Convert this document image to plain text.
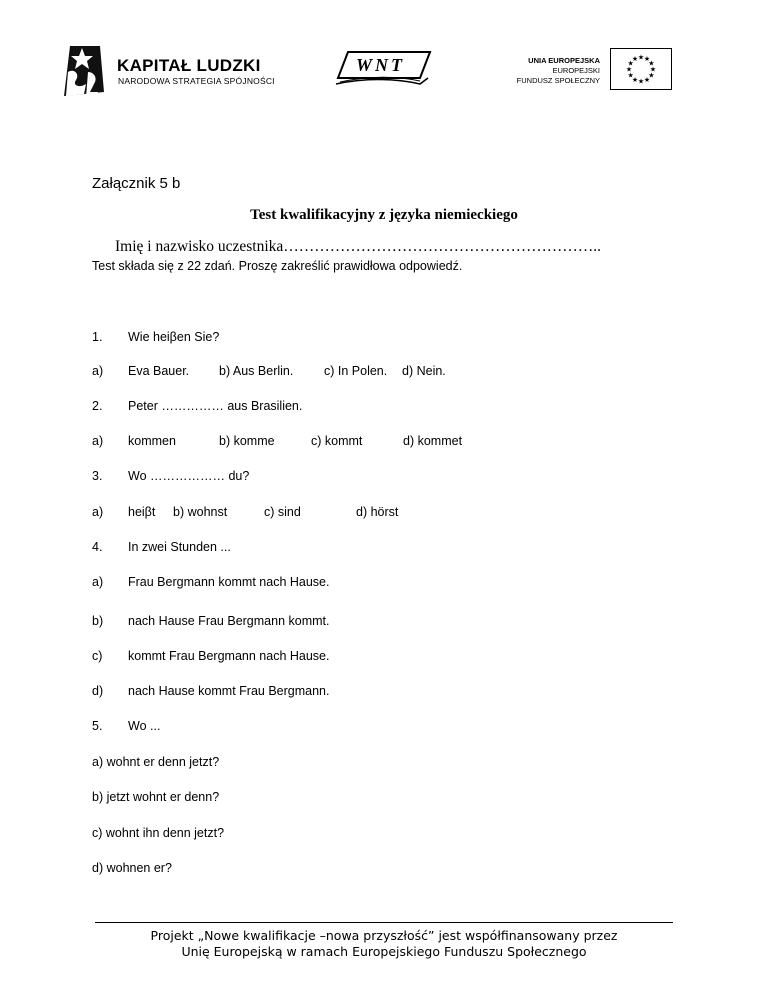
KAPITAŁ LUDZKI
NARODOWA STRATEGIA SPÓJNOŚCI
WNT	UNIA EUROPEJSKA
EUROPEJSKI
FUNDUSZ SPOŁECZNY
★
★
★
★
★
★
★
★
★ ★ ★
★
Załącznik 5 b
Test kwalifikacyjny z języka niemieckiego
Imię i nazwisko uczestnika……………………………………………………..
Test składa się z 22 zdań. Proszę zakreślić prawidłowa odpowiedź.
1. Wie heiβen Sie?
a) Eva Bauer. b) Aus Berlin. c) In Polen. d) Nein.
2. Peter …………… aus Brasilien.
a) kommen	b) komme	c) kommt	d) kommet
3. Wo ……………… du?
a) heiβt b) wohnst	c) sind	d) hörst
4. In zwei Stunden ...
a) Frau Bergmann kommt nach Hause.
b) nach Hause Frau Bergmann kommt.
c) kommt Frau Bergmann nach Hause.
d) nach Hause kommt Frau Bergmann.
5. Wo ...
a) wohnt er denn jetzt?
b) jetzt wohnt er denn?
c) wohnt ihn denn jetzt?
d) wohnen er?
Projekt „Nowe kwalifikacje –nowa przyszłość” jest współfinansowany przez
Unię Europejską w ramach Europejskiego Funduszu Społecznego
